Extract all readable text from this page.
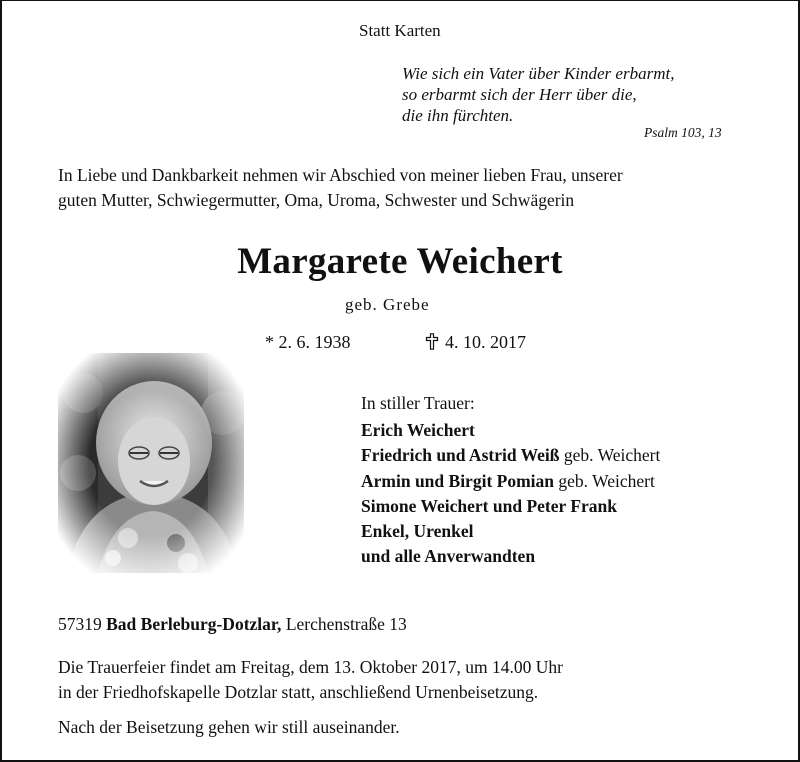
Statt Karten
Wie sich ein Vater über Kinder erbarmt,
so erbarmt sich der Herr über die,
die ihn fürchten.
Psalm 103, 13
In Liebe und Dankbarkeit nehmen wir Abschied von meiner lieben Frau, unserer
guten Mutter, Schwiegermutter, Oma, Uroma, Schwester und Schwägerin
Margarete Weichert
geb. Grebe
* 2. 6. 1938	4. 10. 2017
In stiller Trauer:
Erich Weichert
Friedrich und Astrid Weiß geb. Weichert
Armin und Birgit Pomian geb. Weichert
Simone Weichert und Peter Frank
Enkel, Urenkel
und alle Anverwandten
57319 Bad Berleburg-Dotzlar, Lerchenstraße 13
Die Trauerfeier findet am Freitag, dem 13. Oktober 2017, um 14.00 Uhr
in der Friedhofskapelle Dotzlar statt, anschließend Urnenbeisetzung.
Nach der Beisetzung gehen wir still auseinander.
